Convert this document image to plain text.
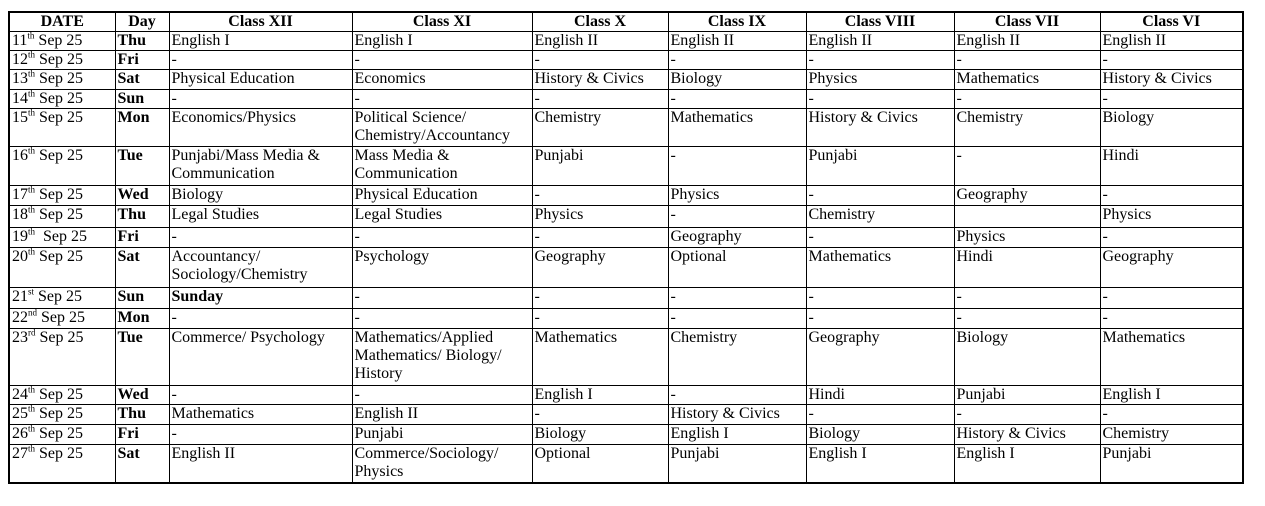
DATE	Day	Class XII	Class XI	Class X	Class IX	Class VIII	Class VII	Class VI
11th Sep 25	Thu	English I	English I	English II	English II	English II	English II	English II
12th Sep 25	Fri	-	-	-	-	-	-	-
13th Sep 25	Sat	Physical Education	Economics	History & Civics	Biology	Physics	Mathematics	History & Civics
14th Sep 25	Sun	-	-	-	-	-	-	-
15th Sep 25	Mon	Economics/Physics	Political Science/ Chemistry/Accountancy	Chemistry	Mathematics	History & Civics	Chemistry	Biology
16th Sep 25	Tue	Punjabi/Mass Media & Communication	Mass Media & Communication	Punjabi	-	Punjabi	-	Hindi
17th Sep 25	Wed	Biology	Physical Education	-	Physics	-	Geography	-
18th Sep 25	Thu	Legal Studies	Legal Studies	Physics	-	Chemistry		Physics
19th  Sep 25	Fri	-	-	-	Geography	-	Physics	-
20th Sep 25	Sat	Accountancy/ Sociology/Chemistry	Psychology	Geography	Optional	Mathematics	Hindi	Geography
21st Sep 25	Sun	Sunday	-	-	-	-	-	-
22nd Sep 25	Mon	-	-	-	-	-	-	-
23rd Sep 25	Tue	Commerce/ Psychology	Mathematics/Applied Mathematics/ Biology/ History	Mathematics	Chemistry	Geography	Biology	Mathematics
24th Sep 25	Wed	-	-	English I	-	Hindi	Punjabi	English I
25th Sep 25	Thu	Mathematics	English II	-	History & Civics	-	-	-
26th Sep 25	Fri	-	Punjabi	Biology	English I	Biology	History & Civics	Chemistry
27th Sep 25	Sat	English II	Commerce/Sociology/ Physics	Optional	Punjabi	English I	English I	Punjabi
